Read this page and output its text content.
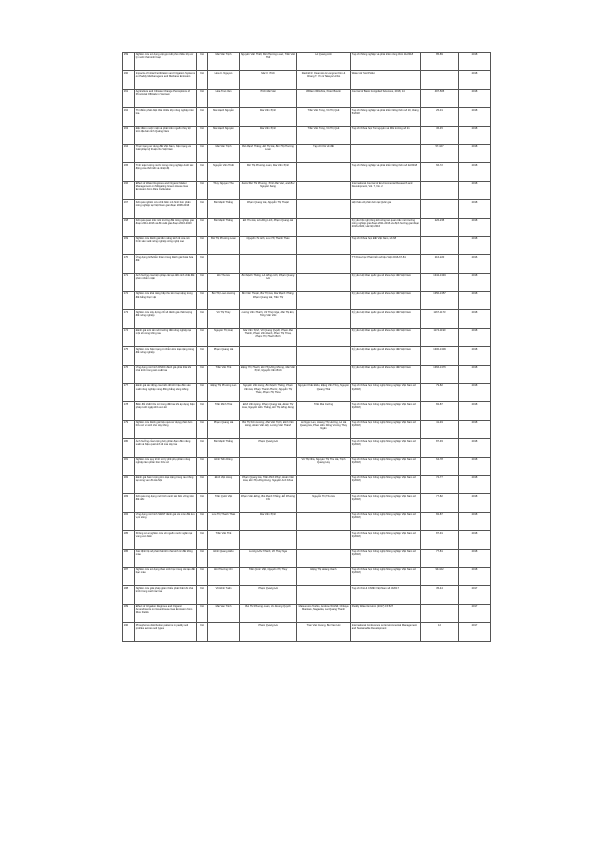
159	Nghiên cứu sử dụng vật gọn kết phù nhiều lớp xử lý nước thải sinh hoạt	KH	Mai Văn Trịnh	Nguyễn Văn Thiết, Bùi Phương Loan, Trần Văn Thể	Lê Quang Anh	Tạp chí Nông nghiệp và phát triển nông thôn 11/2018	85-89	2018
160	Impacts of Initial Fertilization and Irrigation Systems on Paddy Methanogens and Methane Emission	KH	Hoa C. Nguyen	Mai V. Trinh	Rashid R. Osamoto & Longmei Kim & Chang T. Yin & Takeya Uchio	Water Air Soil Pollut		2018
161	Agriculture and Climate Change Perceptions of Provincial Officials in Vietnam	KH	Hoa Tran Van	Trinh Mai Van	William Wiltshire, Peter Boutin	Journal of Basic & Applied Sciences, 2018, 14	497-505	2018
162	Thí điểm phân biệt thải nhiều lớp nông nghiệp trên lúa	KH	Mai Hạnh Nguyễn	Mai Văn Trịnh	Trần Văn Tùng, Vũ Thị Quế	Tạp chí Nông nghiệp và phát triển Nông thôn số 10, tháng 5/2018	25-31	2018
163	Đặc điểm nước mặt và phát triển nguồn thủy lợi trên địa bàn tỉnh Quảng Nam	KH	Mai Hạnh Nguyễn	Mai Văn Trịnh	Trần Văn Tùng, Vũ Thị Quế	Tạp chí Khoa học Tài nguyên và Môi trường số 21	36-45	2018
164	Thực trạng sử dụng đất Việt Nam, hiện trạng và Giải pháp kỹ thuật cho Việt Nam	KH	Mai Văn Trịnh	Bùi Mạnh Thắng, Đỗ Thị Hà, Bùi Thị Phương Loan	Tạp chí KH về đất		57-107	2018
165	Tính toán lượng nước trong nông nghiệp dưới tác động của thời tiết và nhiệt độ	KH	Nguyễn Văn Thiết	Bùi Thị Phương Loan, Mai Văn Trịnh		Tạp chí Nông nghiệp và phát triển Nông thôn số 22/2018	66-72	2018
166	Effect of Water Regimes and Organic Matter Management on Mitigating Green House Gas Emission from Rice Cultivation	KH	Thuy Nguyen Thu	Sanni Bui Thi Phuong, Trinh Mai Van, and Bui Nguyen Sang		International Journal of Environmental Research and Development, Vol. 7, No. 2		2018
167	Kết quả nghiên cứu chế biến mô hình bón phân nông nghiệp tại Việt Nam giai đoạn 2008-2016	KH	Bùi Mạnh Thắng	Phạm Quang Hà, Nguyễn Thị Thuận		Hội thảo về phân bón tại Quốc gia		2018
168	Kết quả quan trắc môi trường đất nông nghiệp giai đoạn 2011-2016 và đề xuất giai đoạn 2016-2020	KH	Bùi Mạnh Thắng	Đỗ Thu Hà, Lê Hồng Linh, Phạm Quang Hà		Kỷ yếu hội nghị tổng kết công tác quan trắc môi trường nông nghiệp giai đoạn 2011-2016 và định hướng giai đoạn 2016-2020, Hà Nội 2016	226-235	2018
169	Nghiên cứu đánh giá tiềm năng kinh tế của mô hình sản xuất nông nghiệp công nghệ cao	KH	Bùi Thị Phương Loan	Nguyễn Tú Anh, Lưu Thị Thanh Thảo		Tạp chí Khoa học Đất Việt Nam, số 68		2018
170	Ứng dụng GIS/viễn thám trong đánh giá thoái hóa đất	KH				TT Khoa học Phát triển số liệu Việt 2016-67-81	216-220	2016
171	Ảnh hưởng của biện pháp cải tạo đến tính chất đất phèn nhiễm mặn	KH	Đỗ Thu Hà	Bùi Mạnh Thắng, Lê Hồng Linh, Phạm Quang Hà		Kỷ yếu Hội thảo quốc gia về khoa học đất Việt Nam	1342-1349	2018
172	Nghiên cứu khả năng hấp thu kim loại nặng trong đất bằng thực vật	KH	Bùi Thị Loan Hương	Bùi Văn Thuận, Bùi Thị Hà, Mai Mạnh Thắng, Phạm Quang Hà, Trần Thị		Kỷ yếu Hội thảo quốc gia về khoa học đất Việt Nam	1350-1357	2018
173	Nghiên cứu xây dựng chỉ số đánh giá chất lượng đất nông nghiệp	KH	Vũ Thị Thúy	Lương Văn Thành, Vũ Thúy Nga, Mai Thị Em, Tống Văn Văn		Kỷ yếu Hội thảo quốc gia về khoa học đất Việt Nam	1167-1173	2018
174	Đánh giá sức tải môi trường đất nông nghiệp tại một số vùng trồng rau	KH	Nguyễn Thị Huệ	Mai Văn Trịnh, Vũ Quang Quyết, Phạm Mai Thành, Phạm Văn Danh, Phan Thị Thoa, Phạm Thị Thanh Bích		Kỷ yếu Hội thảo quốc gia về khoa học đất Việt Nam	1174-1190	2018
175	Nghiên cứu hiện trạng ô nhiễm kim loại nặng trong đất nông nghiệp	KH	Phạm Quang Hà			Kỷ yếu Hội thảo quốc gia về khoa học đất Việt Nam	1300-1309	2018
176	Ứng dụng mô hình DNDC đánh giá phát thải khí nhà kính trong sản xuất lúa	KH	Trần Văn Thể	Đặng Thị Thanh, Đỗ Thị Hồng Nhung, Mai Văn Trịnh, Nguyễn Văn Bình		Kỷ yếu Hội thảo quốc gia về khoa học đất Việt Nam	1366-1376	2018
177	Đánh giá tác động của biến đổi khí hậu đến sản xuất nông nghiệp vùng đồng bằng sông Hồng	KH	Đặng Thị Phương Lan	Nguyễn Văn Hùng, Bùi Mạnh Thắng, Phạm Văn Hà, Phạm Thanh Phước, Nguyễn Thị Thảo, Phạm Thị Thoa	Nguyễn Khắc Điều, Đặng Văn Thùy, Nguyễn Quang Thái	Tạp chí Khoa học Công nghệ Nông nghiệp Việt Nam số 3(2018)	79-82	2018
178	Biến đổi chất hữu cơ trong đất lúa khi áp dụng biện pháp tưới ngập khô xen kẽ	KH	Trần Minh Thái	Đinh Văn Hùng, Phạm Quang Hà, Đoàn Thị Hoa, Nguyễn Hữu Thắng, Đỗ Thị Hồng Dung	Trần Mai Cường	Tạp chí Khoa học Công nghệ Nông nghiệp Việt Nam số 3(2018)	82-87	2018
179	Nghiên cứu đánh giá hiệu quả sử dụng phân bón hữu cơ vi sinh cho cây trồng	KH	Phạm Quang Hà	Bùi Thị Kim Hương, Mai Văn Trịnh, Đinh Văn Hùng, Đoàn Văn Hội, Lương Văn Thành	Lê Ngọc Lan, Hoàng Thị Hường, Lê Hà Quang Hà, Phan Hữu Dũng Vương Thúy Ngân	Tạp chí Khoa học Công nghệ Nông nghiệp Việt Nam số 3(2018)	41-49	2018
180	Ảnh hưởng của lượng bón phân đạm đến năng suất và hiệu quả kinh tế của cây lúa	KH	Bùi Mạnh Thắng	Phạm Quang Hà		Tạp chí Khoa học Công nghệ Nông nghiệp Việt Nam số 3(2018)	87-93	2018
181	Nghiên cứu quy trình xử lý phế phụ phẩm nông nghiệp làm phân bón hữu cơ	KH	Đinh Tiến Dũng		Vũ Thị Nhà, Nguyễn Thị Thu Hà, Trịnh Quang Huy	Tạp chí Khoa học Công nghệ Nông nghiệp Việt Nam số 3(2018)	64-78	2018
182	Đánh giá hàm lượng kim loại nặng trong rau trồng tại vùng ven đô Hà Nội	KH	Đinh Việt Hùng	Phạm Quang Hà, Trần Minh Phúc, Đoàn Văn Hoa, Đỗ Thị Hồng Dung, Nguyễn Anh Khoa		Tạp chí Khoa học Công nghệ Nông nghiệp Việt Nam số 3(2018)	72-77	2018
183	Kết quả ứng dụng mô hình canh tác bền vững trên đất dốc	KH	Trần Quốc Việt	Phạm Văn Đông, Bùi Mạnh Thắng, Đỗ Phương Chi	Nguyễn Thị Thu Hà	Tạp chí Khoa học Công nghệ Nông nghiệp Việt Nam số 3(2018)	77-82	2018
184	Ứng dụng mô hình SWAT đánh giá xói mòn đất lưu vực sông	KH	Lưu Thị Thanh Thảo	Mai Văn Trịnh		Tạp chí Khoa học Công nghệ Nông nghiệp Việt Nam số 3(2018)	82-87	2018
185	Không có ai nghiên cứu về nguồn nước ngầm tại vùng ven biển	KH	Trần Văn Thể			Tạp chí Khoa học Công nghệ Nông nghiệp Việt Nam số 3(2018)	87-91	2018
186	Xác định hệ số phát thải khí nhà kính từ đất trồng màu	KH	Đinh Quang Hiếu	Lương Hữu Thành, Vũ Thúy Nga		Tạp chí Khoa học Công nghệ Nông nghiệp Việt Nam số 3(2018)	77-81	2018
187	Nghiên cứu sử dụng than sinh học trong cải tạo đất bạc màu	KH	Đỗ Phương Chi	Trần Quốc Việt, Nguyễn Thị Thủy	Đặng Thị Hoàng Oanh	Tạp chí Khoa học Công nghệ Nông nghiệp Việt Nam số 3(2018)	99-102	2018
188	Nghiên cứu giải pháp giảm thiểu phát thải khí nhà kính trong canh tác lúa	KH	Vũ Đình Tuấn	Phạm Quang Hà		Tạp chí KH & CNNN Việt Nam số 3/2017	35-44	2017
189	Effect of Irrigation Regimes and Organic Amendments on Greenhouse Gas Emission from Rice Fields	KH	Mai Van Trinh	Bui Thi Phuong Loan, Vu Duong Quynh	Matsumoto Toshio, Andrew Wnthill, Chitaya Mankwe, Nagaoka, Lai Quang Thanh	Paddy Water Environ (2017) 15:527		2017
190	Phosphorus distribution patterns in paddy soil profiles across soil types	KH		Pham Quang Ha	Tran Viet Cuong, Bui Van Hoi	International Conference on Environmental Management and Sustainable Development	12	2017
